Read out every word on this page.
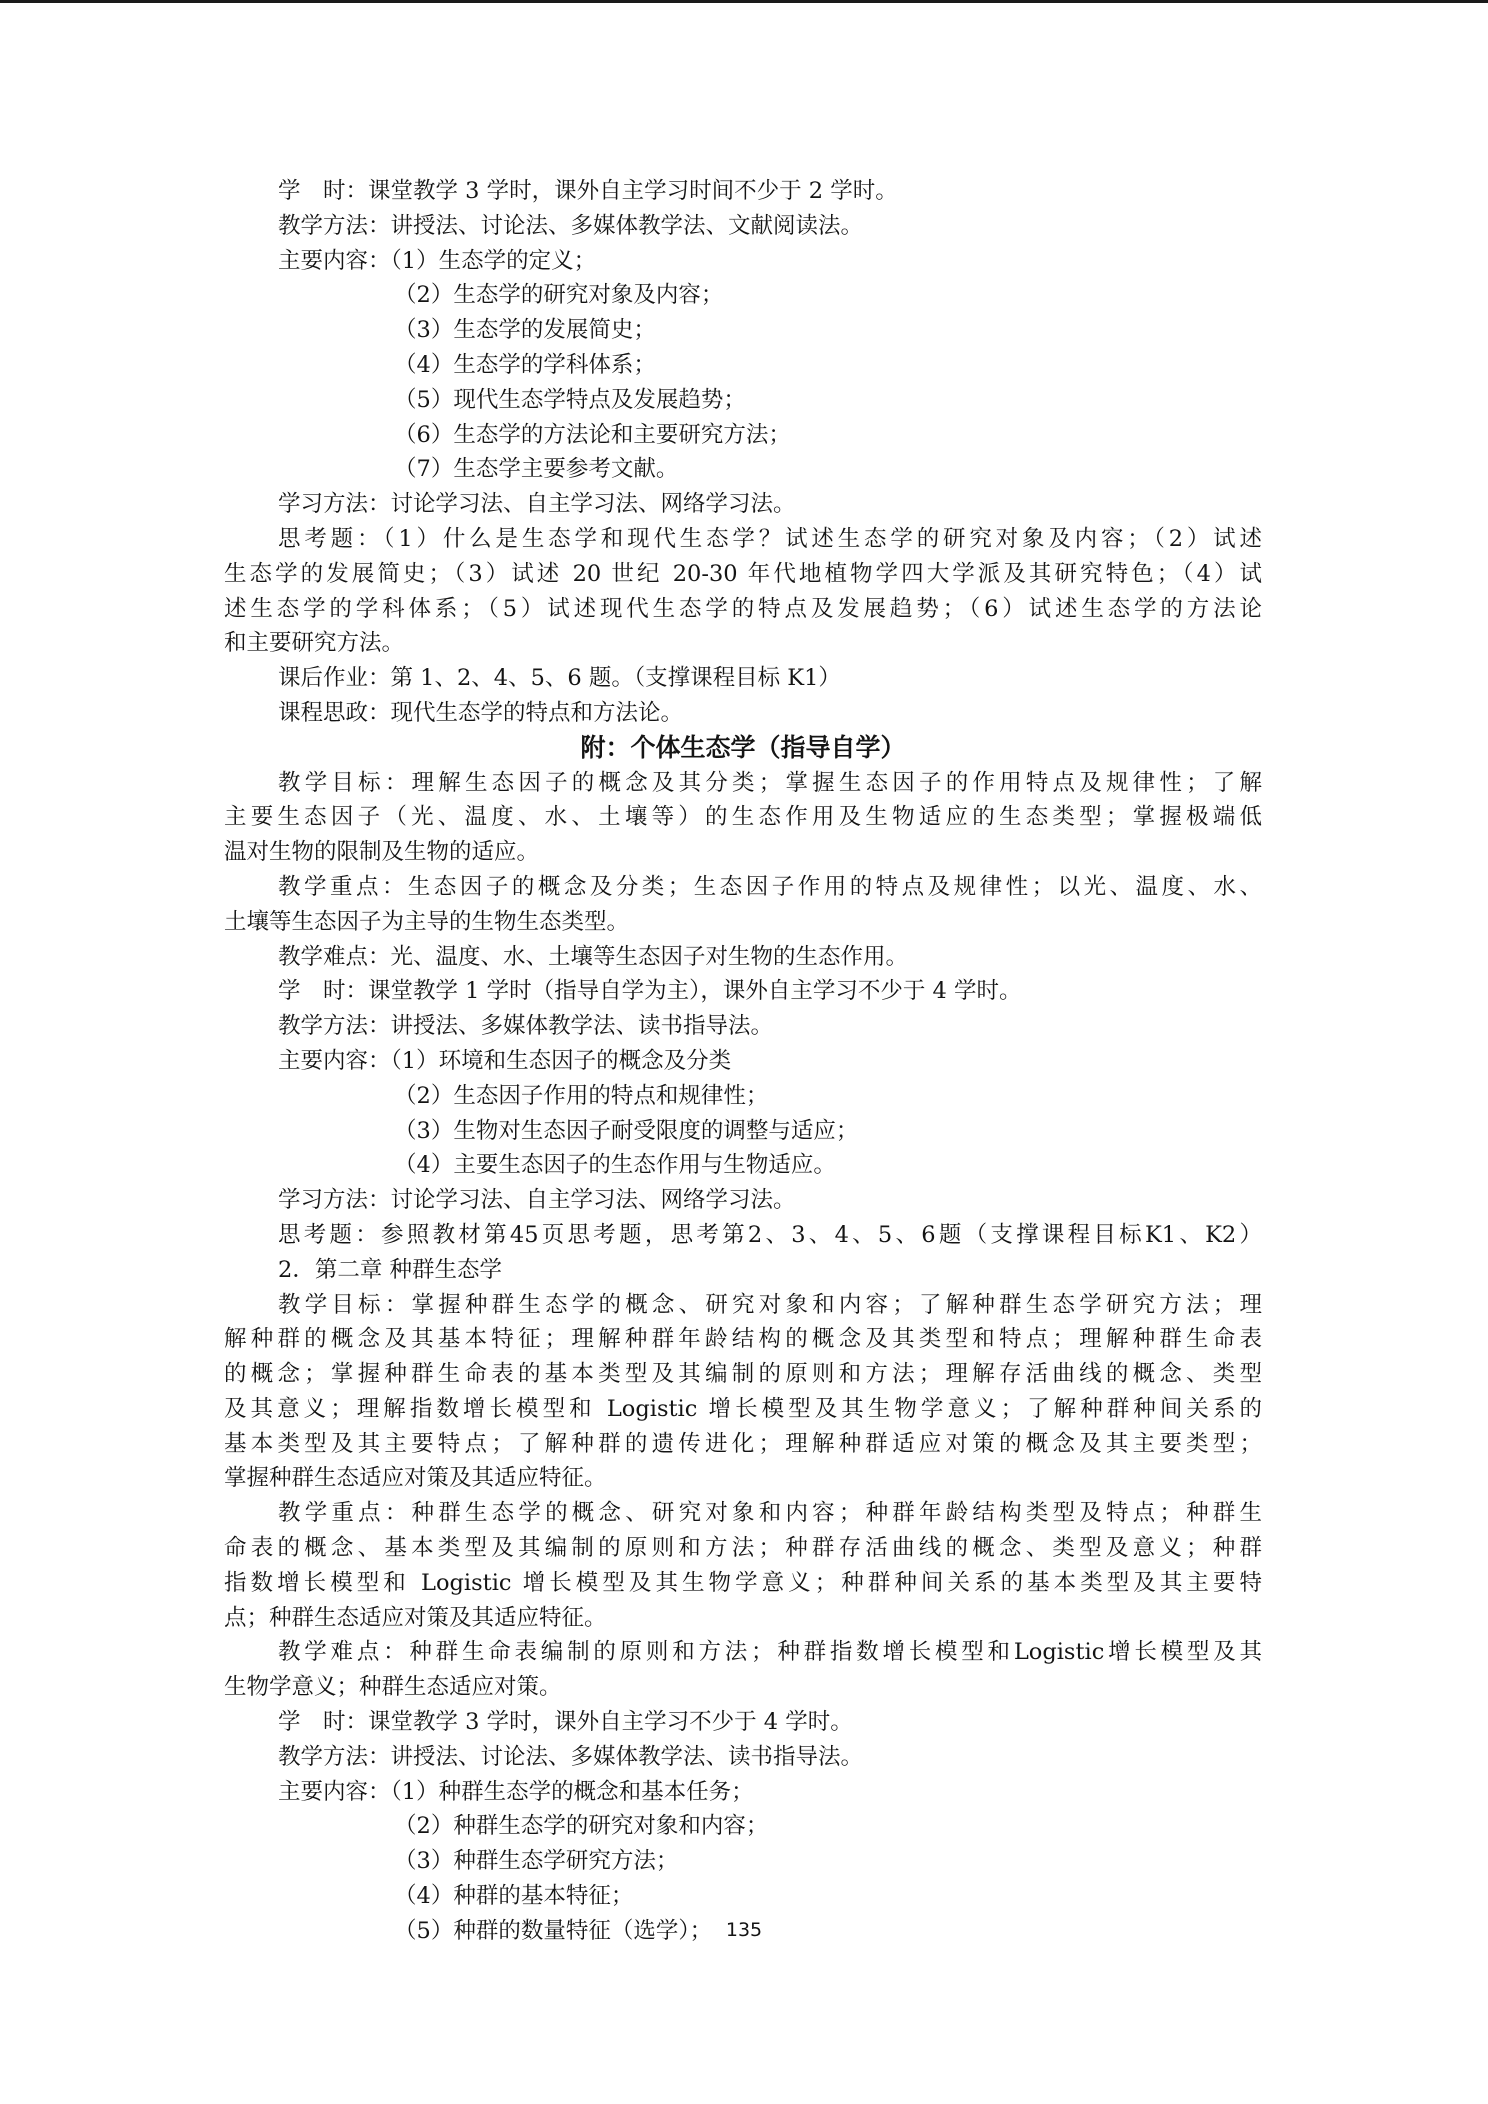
学　时：课堂教学 3 学时，课外自主学习时间不少于 2 学时。
教学方法：讲授法、讨论法、多媒体教学法、文献阅读法。
主要内容：（1）生态学的定义；
（2）生态学的研究对象及内容；
（3）生态学的发展简史；
（4）生态学的学科体系；
（5）现代生态学特点及发展趋势；
（6）生态学的方法论和主要研究方法；
（7）生态学主要参考文献。
学习方法：讨论学习法、自主学习法、网络学习法。
思考题：（1）什么是生态学和现代生态学？试述生态学的研究对象及内容；（2）试述
生态学的发展简史；（3）试述 20 世纪 20-30 年代地植物学四大学派及其研究特色；（4）试
述生态学的学科体系；（5）试述现代生态学的特点及发展趋势；（6）试述生态学的方法论
和主要研究方法。
课后作业：第 1、2、4、5、6 题。（支撑课程目标 K1）
课程思政：现代生态学的特点和方法论。
附：个体生态学（指导自学）
教学目标：理解生态因子的概念及其分类；掌握生态因子的作用特点及规律性；了解
主要生态因子（光、温度、水、土壤等）的生态作用及生物适应的生态类型；掌握极端低
温对生物的限制及生物的适应。
教学重点：生态因子的概念及分类；生态因子作用的特点及规律性；以光、温度、水、
土壤等生态因子为主导的生物生态类型。
教学难点：光、温度、水、土壤等生态因子对生物的生态作用。
学　时：课堂教学 1 学时（指导自学为主），课外自主学习不少于 4 学时。
教学方法：讲授法、多媒体教学法、读书指导法。
主要内容：（1）环境和生态因子的概念及分类
（2）生态因子作用的特点和规律性；
（3）生物对生态因子耐受限度的调整与适应；
（4）主要生态因子的生态作用与生物适应。
学习方法：讨论学习法、自主学习法、网络学习法。
思考题：参照教材第45页思考题，思考第2、3、4、5、6题（支撑课程目标K1、K2）
2．第二章 种群生态学
教学目标：掌握种群生态学的概念、研究对象和内容；了解种群生态学研究方法；理
解种群的概念及其基本特征；理解种群年龄结构的概念及其类型和特点；理解种群生命表
的概念；掌握种群生命表的基本类型及其编制的原则和方法；理解存活曲线的概念、类型
及其意义；理解指数增长模型和 Logistic 增长模型及其生物学意义；了解种群种间关系的
基本类型及其主要特点；了解种群的遗传进化；理解种群适应对策的概念及其主要类型；
掌握种群生态适应对策及其适应特征。
教学重点：种群生态学的概念、研究对象和内容；种群年龄结构类型及特点；种群生
命表的概念、基本类型及其编制的原则和方法；种群存活曲线的概念、类型及意义；种群
指数增长模型和 Logistic 增长模型及其生物学意义；种群种间关系的基本类型及其主要特
点；种群生态适应对策及其适应特征。
教学难点：种群生命表编制的原则和方法；种群指数增长模型和Logistic增长模型及其
生物学意义；种群生态适应对策。
学　时：课堂教学 3 学时，课外自主学习不少于 4 学时。
教学方法：讲授法、讨论法、多媒体教学法、读书指导法。
主要内容：（1）种群生态学的概念和基本任务；
（2）种群生态学的研究对象和内容；
（3）种群生态学研究方法；
（4）种群的基本特征；
（5）种群的数量特征（选学）； 135
